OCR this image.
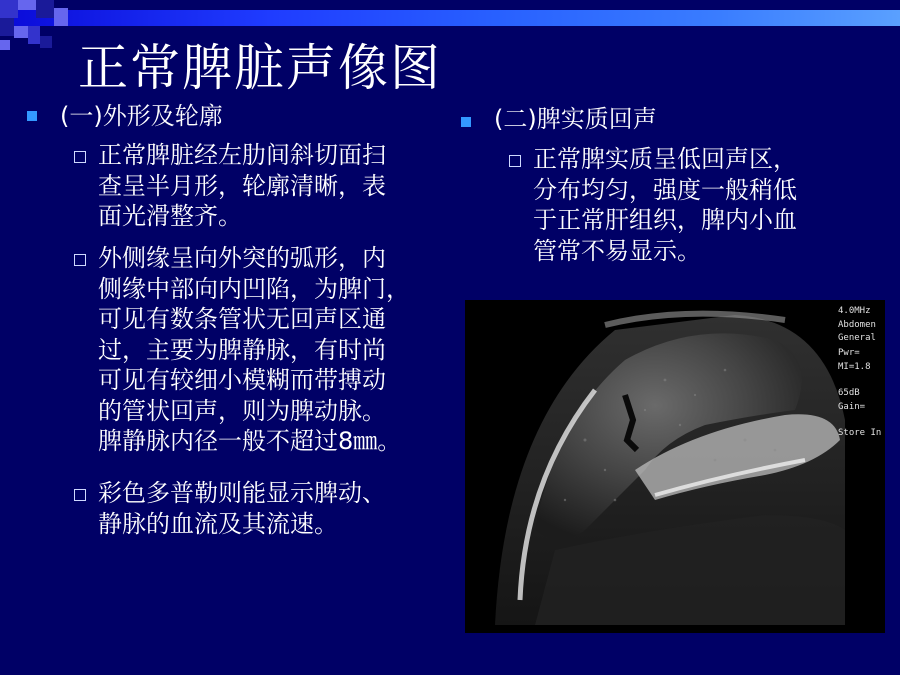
正常脾脏声像图
(一)外形及轮廓
正常脾脏经左肋间斜切面扫
查呈半月形，轮廓清晰，表
面光滑整齐。
外侧缘呈向外突的弧形，内
侧缘中部向内凹陷，为脾门，
可见有数条管状无回声区通
过，主要为脾静脉，有时尚
可见有较细小模糊而带搏动
的管状回声，则为脾动脉。
脾静脉内径一般不超过8㎜。
彩色多普勒则能显示脾动、
静脉的血流及其流速。
(二)脾实质回声
正常脾实质呈低回声区，
分布均匀，强度一般稍低
于正常肝组织，脾内小血
管常不易显示。
4.0MHz
Abdomen
General
Pwr=
MI=1.8
65dB
Gain=
Store In
